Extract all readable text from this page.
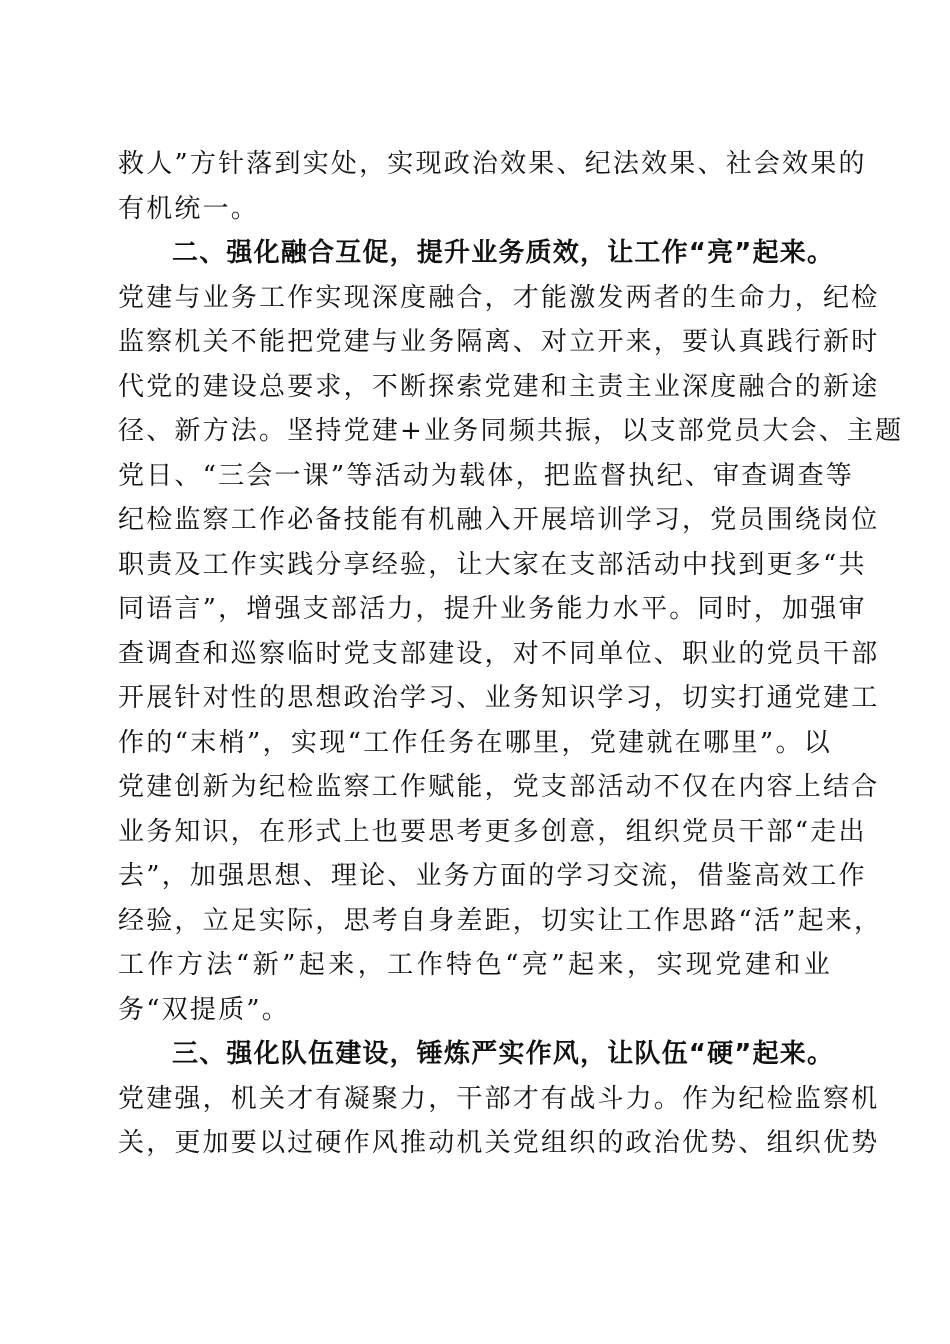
救人”方针落到实处，实现政治效果、纪法效果、社会效果的
有机统一。
二、强化融合互促，提升业务质效，让工作“亮”起来。
党建与业务工作实现深度融合，才能激发两者的生命力，纪检
监察机关不能把党建与业务隔离、对立开来，要认真践行新时
代党的建设总要求，不断探索党建和主责主业深度融合的新途
径、新方法。坚持党建+业务同频共振，以支部党员大会、主题
党日、“三会一课”等活动为载体，把监督执纪、审查调查等
纪检监察工作必备技能有机融入开展培训学习，党员围绕岗位
职责及工作实践分享经验，让大家在支部活动中找到更多“共
同语言”，增强支部活力，提升业务能力水平。同时，加强审
查调查和巡察临时党支部建设，对不同单位、职业的党员干部
开展针对性的思想政治学习、业务知识学习，切实打通党建工
作的“末梢”，实现“工作任务在哪里，党建就在哪里”。以
党建创新为纪检监察工作赋能，党支部活动不仅在内容上结合
业务知识，在形式上也要思考更多创意，组织党员干部“走出
去”，加强思想、理论、业务方面的学习交流，借鉴高效工作
经验，立足实际，思考自身差距，切实让工作思路“活”起来，
工作方法“新”起来，工作特色“亮”起来，实现党建和业
务“双提质”。
三、强化队伍建设，锤炼严实作风，让队伍“硬”起来。
党建强，机关才有凝聚力，干部才有战斗力。作为纪检监察机
关，更加要以过硬作风推动机关党组织的政治优势、组织优势
